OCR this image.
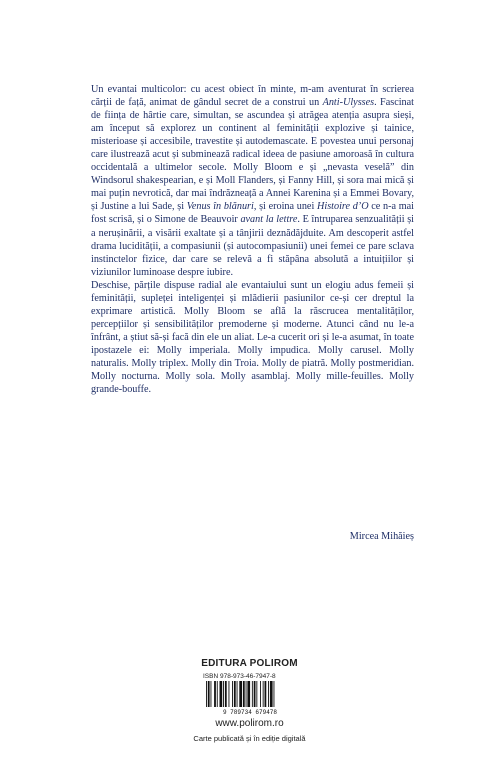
Un evantai multicolor: cu acest obiect în minte, m-am aventurat în scrierea cărții de față, animat de gândul secret de a construi un Anti-Ulysses. Fascinat de ființa de hârtie care, simultan, se ascundea și atrăgea atenția asupra sieși, am început să explorez un continent al feminității explozive și tainice, misterioase și accesibile, travestite și autodemascate. E povestea unui personaj care ilustrează acut și subminează radical ideea de pasiune amoroasă în cultura occidentală a ultimelor secole. Molly Bloom e și „nevasta veselă” din Windsorul shakespearian, e și Moll Flanders, și Fanny Hill, și sora mai mică și mai puțin nevrotică, dar mai îndrăzneață a Annei Karenina și a Emmei Bovary, și Justine a lui Sade, și Venus în blănuri, și eroina unei Histoire d’O ce n-a mai fost scrisă, și o Simone de Beauvoir avant la lettre. E întruparea senzualității și a nerușinării, a visării exaltate și a tânjirii deznădăjduite. Am descoperit astfel drama lucidității, a compasiunii (și autocompasiunii) unei femei ce pare sclava instinctelor fizice, dar care se relevă a fi stăpâna absolută a intuițiilor și viziunilor luminoase despre iubire.

Deschise, părțile dispuse radial ale evantaiului sunt un elogiu adus femeii și feminității, supleței inteligenței și mlădierii pasiunilor ce-și cer dreptul la exprimare artistică. Molly Bloom se află la răscrucea mentalităților, percepțiilor și sensibilităților premoderne și moderne. Atunci când nu le-a înfrânt, a știut să-și facă din ele un aliat. Le-a cucerit ori și le-a asumat, în toate ipostazele ei: Molly imperiala. Molly impudica. Molly carusel. Molly naturalis. Molly triplex. Molly din Troia. Molly de piatră. Molly postmeridian. Molly nocturna. Molly sola. Molly asamblaj. Molly mille-feuilles. Molly grande-bouffe.

Mircea Mihăieș
EDITURA POLIROM
ISBN 978-973-46-7947-8
9 789734 679478
www.polirom.ro
Carte publicată și în ediție digitală
